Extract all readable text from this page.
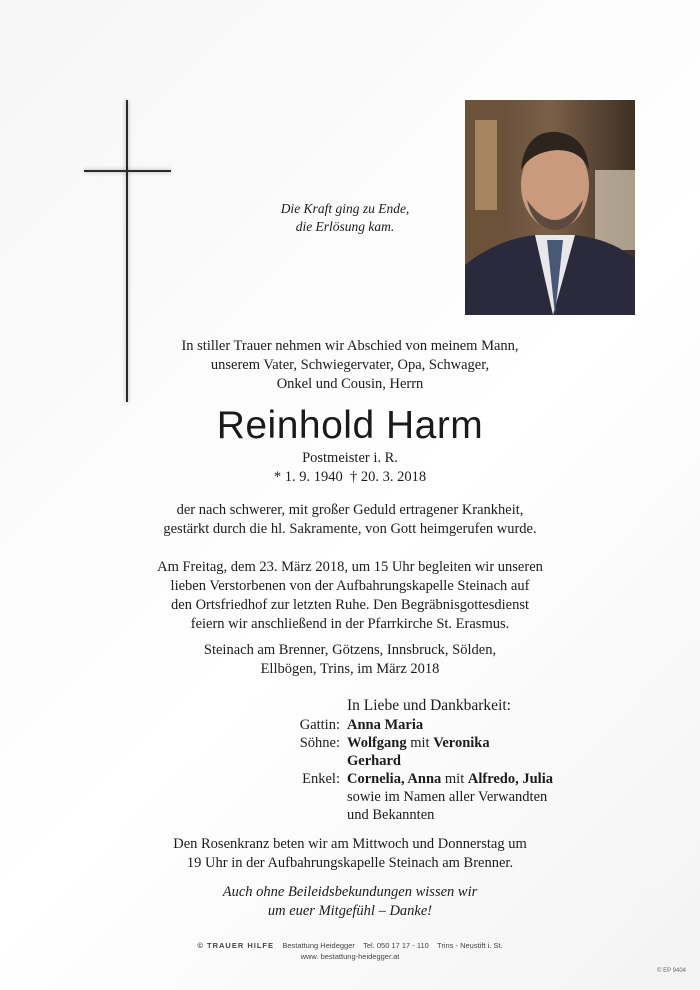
Die Kraft ging zu Ende,
die Erlösung kam.
In stiller Trauer nehmen wir Abschied von meinem Mann,
unserem Vater, Schwiegervater, Opa, Schwager,
Onkel und Cousin, Herrn
Reinhold Harm
Postmeister i. R.
* 1. 9. 1940  † 20. 3. 2018
der nach schwerer, mit großer Geduld ertragener Krankheit,
gestärkt durch die hl. Sakramente, von Gott heimgerufen wurde.
Am Freitag, dem 23. März 2018, um 15 Uhr begleiten wir unseren
lieben Verstorbenen von der Aufbahrungskapelle Steinach auf
den Ortsfriedhof zur letzten Ruhe. Den Begräbnisgottesdienst
feiern wir anschließend in der Pfarrkirche St. Erasmus.
Steinach am Brenner, Götzens, Innsbruck, Sölden,
Ellbögen, Trins, im März 2018
In Liebe und Dankbarkeit:
Gattin: Anna Maria
Söhne: Wolfgang mit Veronika
Gerhard
Enkel: Cornelia, Anna mit Alfredo, Julia
sowie im Namen aller Verwandten
und Bekannten
Den Rosenkranz beten wir am Mittwoch und Donnerstag um
19 Uhr in der Aufbahrungskapelle Steinach am Brenner.
Auch ohne Beileidsbekundungen wissen wir
um euer Mitgefühl – Danke!
© TRAUER HILFE Bestattung Heidegger Tel. 050 17 17 - 110 Trins - Neustift i. St.
www. bestattung-heidegger.at
© EP 9404
